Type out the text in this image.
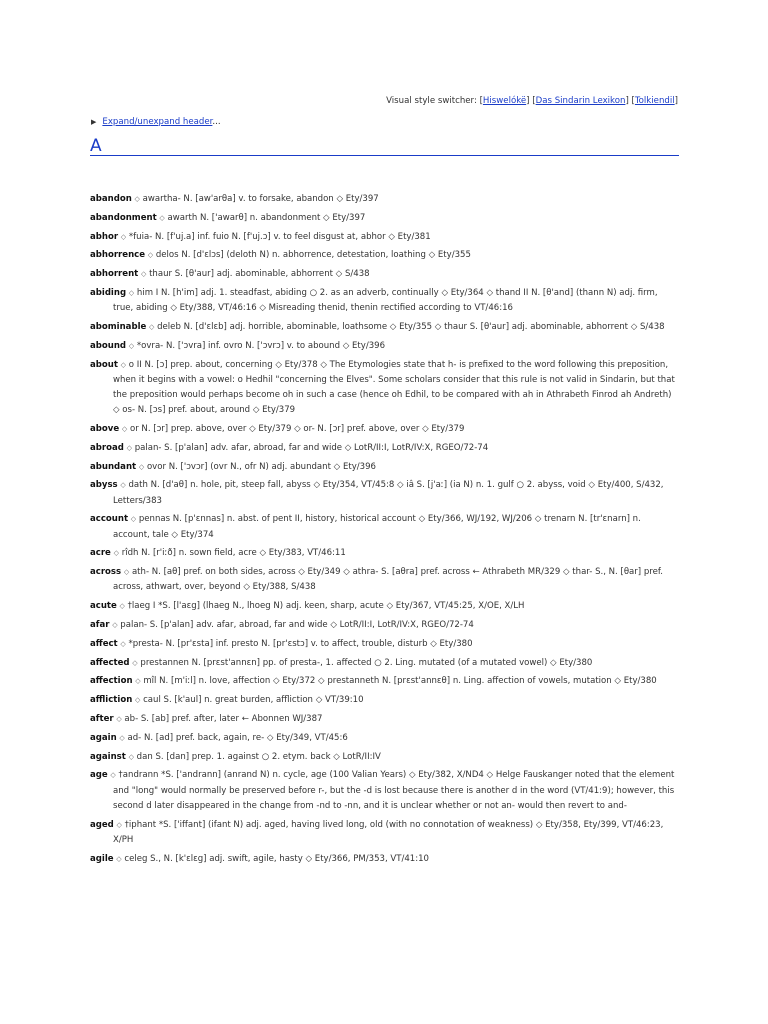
Visual style switcher: [Hiswelókë] [Das Sindarin Lexikon] [Tolkiendil]
▶ Expand/unexpand header...
A
abandon ◇ awartha- N. [aw'arθa] v. to forsake, abandon ◇ Ety/397
abandonment ◇ awarth N. ['awarθ] n. abandonment ◇ Ety/397
abhor ◇ *fuia- N. [f'uj.a] inf. fuio N. [f'uj.ɔ] v. to feel disgust at, abhor ◇ Ety/381
abhorrence ◇ delos N. [d'ɛlɔs] (deloth N) n. abhorrence, detestation, loathing ◇ Ety/355
abhorrent ◇ thaur S. [θ'aur] adj. abominable, abhorrent ◇ S/438
abiding ◇ him I N. [h'im] adj. 1. steadfast, abiding ○ 2. as an adverb, continually ◇ Ety/364 ◇ thand II N. [θ'and] (thann N) adj. firm, true, abiding ◇ Ety/388, VT/46:16 ◇ Misreading thenid, thenin rectified according to VT/46:16
abominable ◇ deleb N. [d'ɛlɛb] adj. horrible, abominable, loathsome ◇ Ety/355 ◇ thaur S. [θ'aur] adj. abominable, abhorrent ◇ S/438
abound ◇ *ovra- N. ['ɔvra] inf. ovro N. ['ɔvrɔ] v. to abound ◇ Ety/396
about ◇ o II N. [ɔ] prep. about, concerning ◇ Ety/378 ◇ The Etymologies state that h- is prefixed to the word following this preposition, when it begins with a vowel: o Hedhil "concerning the Elves". Some scholars consider that this rule is not valid in Sindarin, but that the preposition would perhaps become oh in such a case (hence oh Edhil, to be compared with ah in Athrabeth Finrod ah Andreth) ◇ os- N. [ɔs] pref. about, around ◇ Ety/379
above ◇ or N. [ɔr] prep. above, over ◇ Ety/379 ◇ or- N. [ɔr] pref. above, over ◇ Ety/379
abroad ◇ palan- S. [p'alan] adv. afar, abroad, far and wide ◇ LotR/II:I, LotR/IV:X, RGEO/72-74
abundant ◇ ovor N. ['ɔvɔr] (ovr N., ofr N) adj. abundant ◇ Ety/396
abyss ◇ dath N. [d'aθ] n. hole, pit, steep fall, abyss ◇ Ety/354, VT/45:8 ◇ iâ S. [j'aː] (ia N) n. 1. gulf ○ 2. abyss, void ◇ Ety/400, S/432, Letters/383
account ◇ pennas N. [p'ɛnnas] n. abst. of pent II, history, historical account ◇ Ety/366, WJ/192, WJ/206 ◇ trenarn N. [tr'ɛnarn] n. account, tale ◇ Ety/374
acre ◇ rîdh N. [r'iːð] n. sown field, acre ◇ Ety/383, VT/46:11
across ◇ ath- N. [aθ] pref. on both sides, across ◇ Ety/349 ◇ athra- S. [aθra] pref. across ← Athrabeth MR/329 ◇ thar- S., N. [θar] pref. across, athwart, over, beyond ◇ Ety/388, S/438
acute ◇ †laeg I *S. [l'aɛg] (lhaeg N., lhoeg N) adj. keen, sharp, acute ◇ Ety/367, VT/45:25, X/OE, X/LH
afar ◇ palan- S. [p'alan] adv. afar, abroad, far and wide ◇ LotR/II:I, LotR/IV:X, RGEO/72-74
affect ◇ *presta- N. [pr'ɛsta] inf. presto N. [pr'ɛstɔ] v. to affect, trouble, disturb ◇ Ety/380
affected ◇ prestannen N. [prɛst'annɛn] pp. of presta-, 1. affected ○ 2. Ling. mutated (of a mutated vowel) ◇ Ety/380
affection ◇ mîl N. [m'iːl] n. love, affection ◇ Ety/372 ◇ prestanneth N. [prɛst'annɛθ] n. Ling. affection of vowels, mutation ◇ Ety/380
affliction ◇ caul S. [k'aul] n. great burden, affliction ◇ VT/39:10
after ◇ ab- S. [ab] pref. after, later ← Abonnen WJ/387
again ◇ ad- N. [ad] pref. back, again, re- ◇ Ety/349, VT/45:6
against ◇ dan S. [dan] prep. 1. against ○ 2. etym. back ◇ LotR/II:IV
age ◇ †andrann *S. ['andrann] (anrand N) n. cycle, age (100 Valian Years) ◇ Ety/382, X/ND4 ◇ Helge Fauskanger noted that the element and "long" would normally be preserved before r-, but the -d is lost because there is another d in the word (VT/41:9); however, this second d later disappeared in the change from -nd to -nn, and it is unclear whether or not an- would then revert to and-
aged ◇ †iphant *S. ['iffant] (ifant N) adj. aged, having lived long, old (with no connotation of weakness) ◇ Ety/358, Ety/399, VT/46:23, X/PH
agile ◇ celeg S., N. [k'ɛlɛg] adj. swift, agile, hasty ◇ Ety/366, PM/353, VT/41:10
